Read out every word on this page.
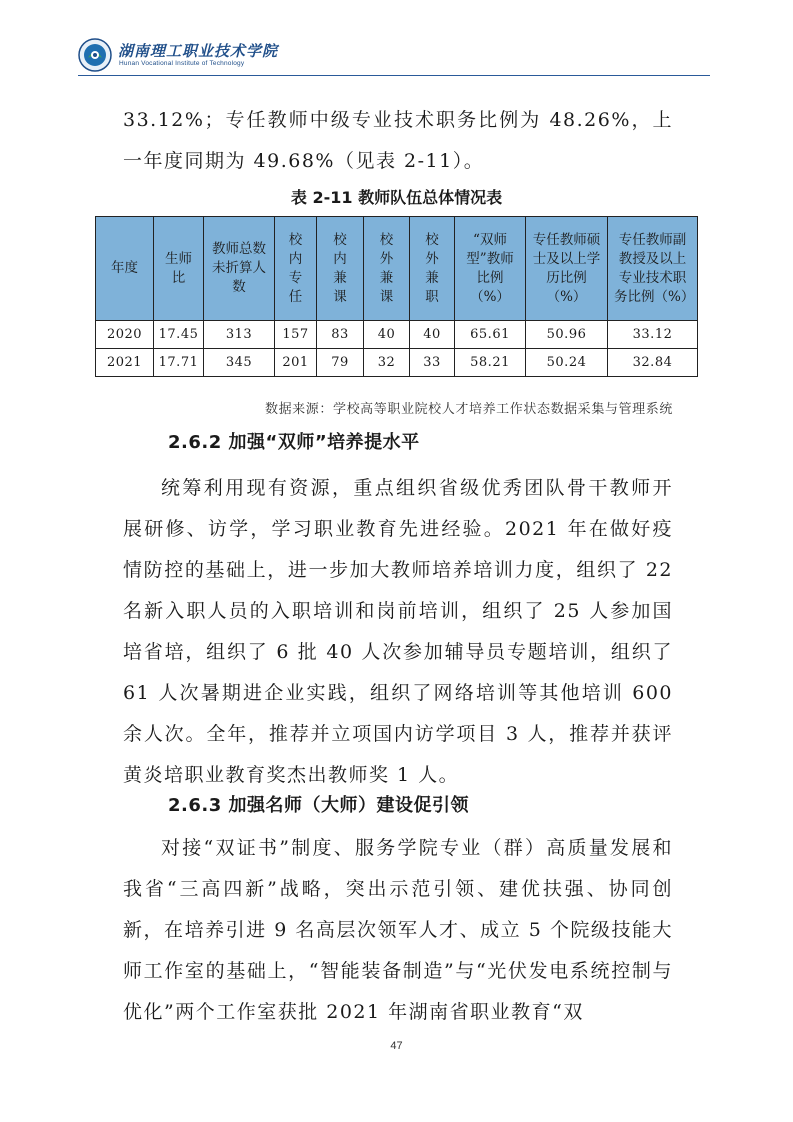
湖南理工职业技术学院
Hunan Vocational Institute of Technology

33.12%；专任教师中级专业技术职务比例为 48.26%，上一年度同期为 49.68%（见表 2-11）。

表 2-11 教师队伍总体情况表
年度	生师比	教师总数未折算人数	校内专任	校内兼课	校外兼课	校外兼职	“双师型”教师比例（%）	专任教师硕士及以上学历比例（%）	专任教师副教授及以上专业技术职务比例（%）
2020	17.45	313	157	83	40	40	65.61	50.96	33.12
2021	17.71	345	201	79	32	33	58.21	50.24	32.84
数据来源：学校高等职业院校人才培养工作状态数据采集与管理系统
2.6.2 加强“双师”培养提水平

统筹利用现有资源，重点组织省级优秀团队骨干教师开展研修、访学，学习职业教育先进经验。2021 年在做好疫情防控的基础上，进一步加大教师培养培训力度，组织了 22 名新入职人员的入职培训和岗前培训，组织了 25 人参加国培省培，组织了 6 批 40 人次参加辅导员专题培训，组织了 61 人次暑期进企业实践，组织了网络培训等其他培训 600 余人次。全年，推荐并立项国内访学项目 3 人，推荐并获评黄炎培职业教育奖杰出教师奖 1 人。

2.6.3 加强名师（大师）建设促引领

对接“双证书”制度、服务学院专业（群）高质量发展和我省“三高四新”战略，突出示范引领、建优扶强、协同创新，在培养引进 9 名高层次领军人才、成立 5 个院级技能大师工作室的基础上，“智能装备制造”与“光伏发电系统控制与优化”两个工作室获批 2021 年湖南省职业教育“双

47
